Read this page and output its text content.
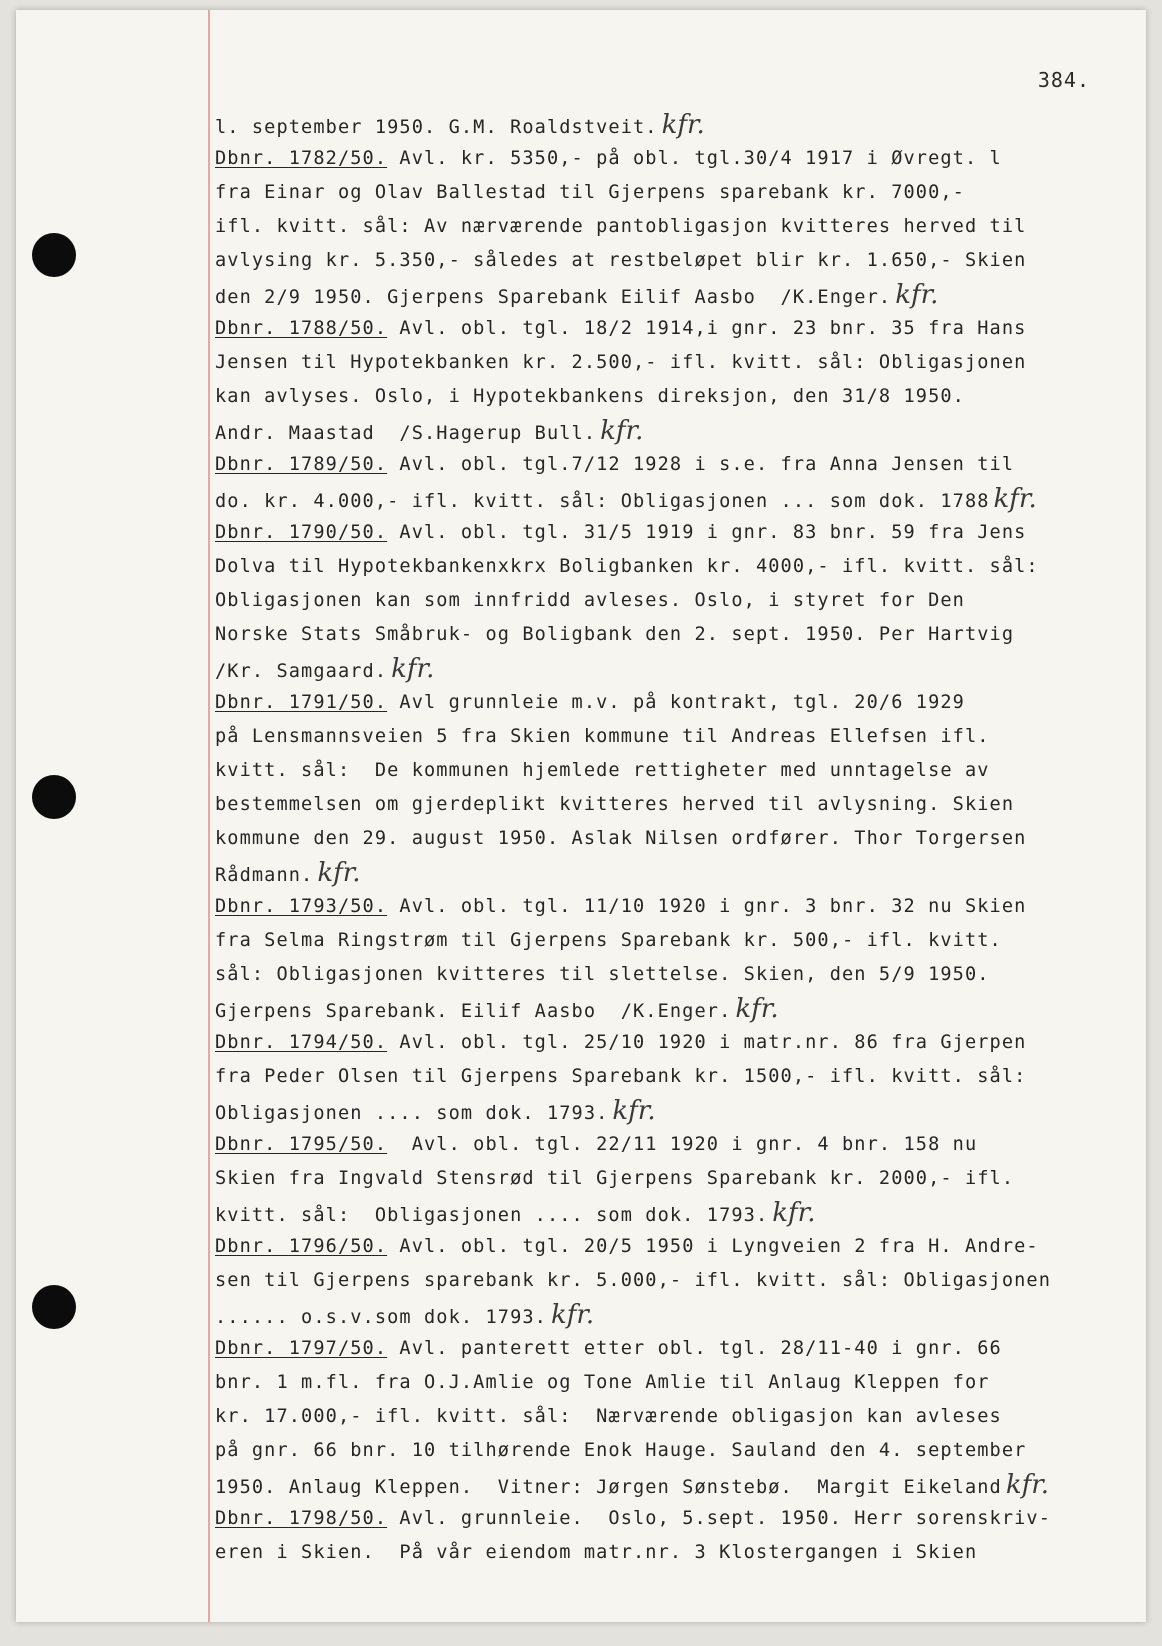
384.
l. september 1950. G.M. Roaldstveit. kfr.
Dbnr. 1782/50. Avl. kr. 5350,- på obl. tgl.30/4 1917 i Øvregt. l
fra Einar og Olav Ballestad til Gjerpens sparebank kr. 7000,-
ifl. kvitt. sål: Av nærværende pantobligasjon kvitteres herved til
avlysing kr. 5.350,- således at restbeløpet blir kr. 1.650,- Skien
den 2/9 1950. Gjerpens Sparebank Eilif Aasbo  /K.Enger. kfr.
Dbnr. 1788/50. Avl. obl. tgl. 18/2 1914,i gnr. 23 bnr. 35 fra Hans
Jensen til Hypotekbanken kr. 2.500,- ifl. kvitt. sål: Obligasjonen
kan avlyses. Oslo, i Hypotekbankens direksjon, den 31/8 1950.
Andr. Maastad  /S.Hagerup Bull. kfr.
Dbnr. 1789/50. Avl. obl. tgl.7/12 1928 i s.e. fra Anna Jensen til
do. kr. 4.000,- ifl. kvitt. sål: Obligasjonen ... som dok. 1788 kfr.
Dbnr. 1790/50. Avl. obl. tgl. 31/5 1919 i gnr. 83 bnr. 59 fra Jens
Dolva til Hypotekbankenxkrx Boligbanken kr. 4000,- ifl. kvitt. sål:
Obligasjonen kan som innfridd avleses. Oslo, i styret for Den
Norske Stats Småbruk- og Boligbank den 2. sept. 1950. Per Hartvig
/Kr. Samgaard. kfr.
Dbnr. 1791/50. Avl grunnleie m.v. på kontrakt, tgl. 20/6 1929
på Lensmannsveien 5 fra Skien kommune til Andreas Ellefsen ifl.
kvitt. sål:  De kommunen hjemlede rettigheter med unntagelse av
bestemmelsen om gjerdeplikt kvitteres herved til avlysning. Skien
kommune den 29. august 1950. Aslak Nilsen ordfører. Thor Torgersen
Rådmann. kfr.
Dbnr. 1793/50. Avl. obl. tgl. 11/10 1920 i gnr. 3 bnr. 32 nu Skien
fra Selma Ringstrøm til Gjerpens Sparebank kr. 500,- ifl. kvitt.
sål: Obligasjonen kvitteres til slettelse. Skien, den 5/9 1950.
Gjerpens Sparebank. Eilif Aasbo  /K.Enger. kfr.
Dbnr. 1794/50. Avl. obl. tgl. 25/10 1920 i matr.nr. 86 fra Gjerpen
fra Peder Olsen til Gjerpens Sparebank kr. 1500,- ifl. kvitt. sål:
Obligasjonen .... som dok. 1793. kfr.
Dbnr. 1795/50.  Avl. obl. tgl. 22/11 1920 i gnr. 4 bnr. 158 nu
Skien fra Ingvald Stensrød til Gjerpens Sparebank kr. 2000,- ifl.
kvitt. sål:  Obligasjonen .... som dok. 1793. kfr.
Dbnr. 1796/50. Avl. obl. tgl. 20/5 1950 i Lyngveien 2 fra H. Andre-
sen til Gjerpens sparebank kr. 5.000,- ifl. kvitt. sål: Obligasjonen
...... o.s.v.som dok. 1793. kfr.
Dbnr. 1797/50. Avl. panterett etter obl. tgl. 28/11-40 i gnr. 66
bnr. 1 m.fl. fra O.J.Amlie og Tone Amlie til Anlaug Kleppen for
kr. 17.000,- ifl. kvitt. sål:  Nærværende obligasjon kan avleses
på gnr. 66 bnr. 10 tilhørende Enok Hauge. Sauland den 4. september
1950. Anlaug Kleppen.  Vitner: Jørgen Sønstebø.  Margit Eikeland kfr.
Dbnr. 1798/50. Avl. grunnleie.  Oslo, 5.sept. 1950. Herr sorenskriv-
eren i Skien.  På vår eiendom matr.nr. 3 Klostergangen i Skien
